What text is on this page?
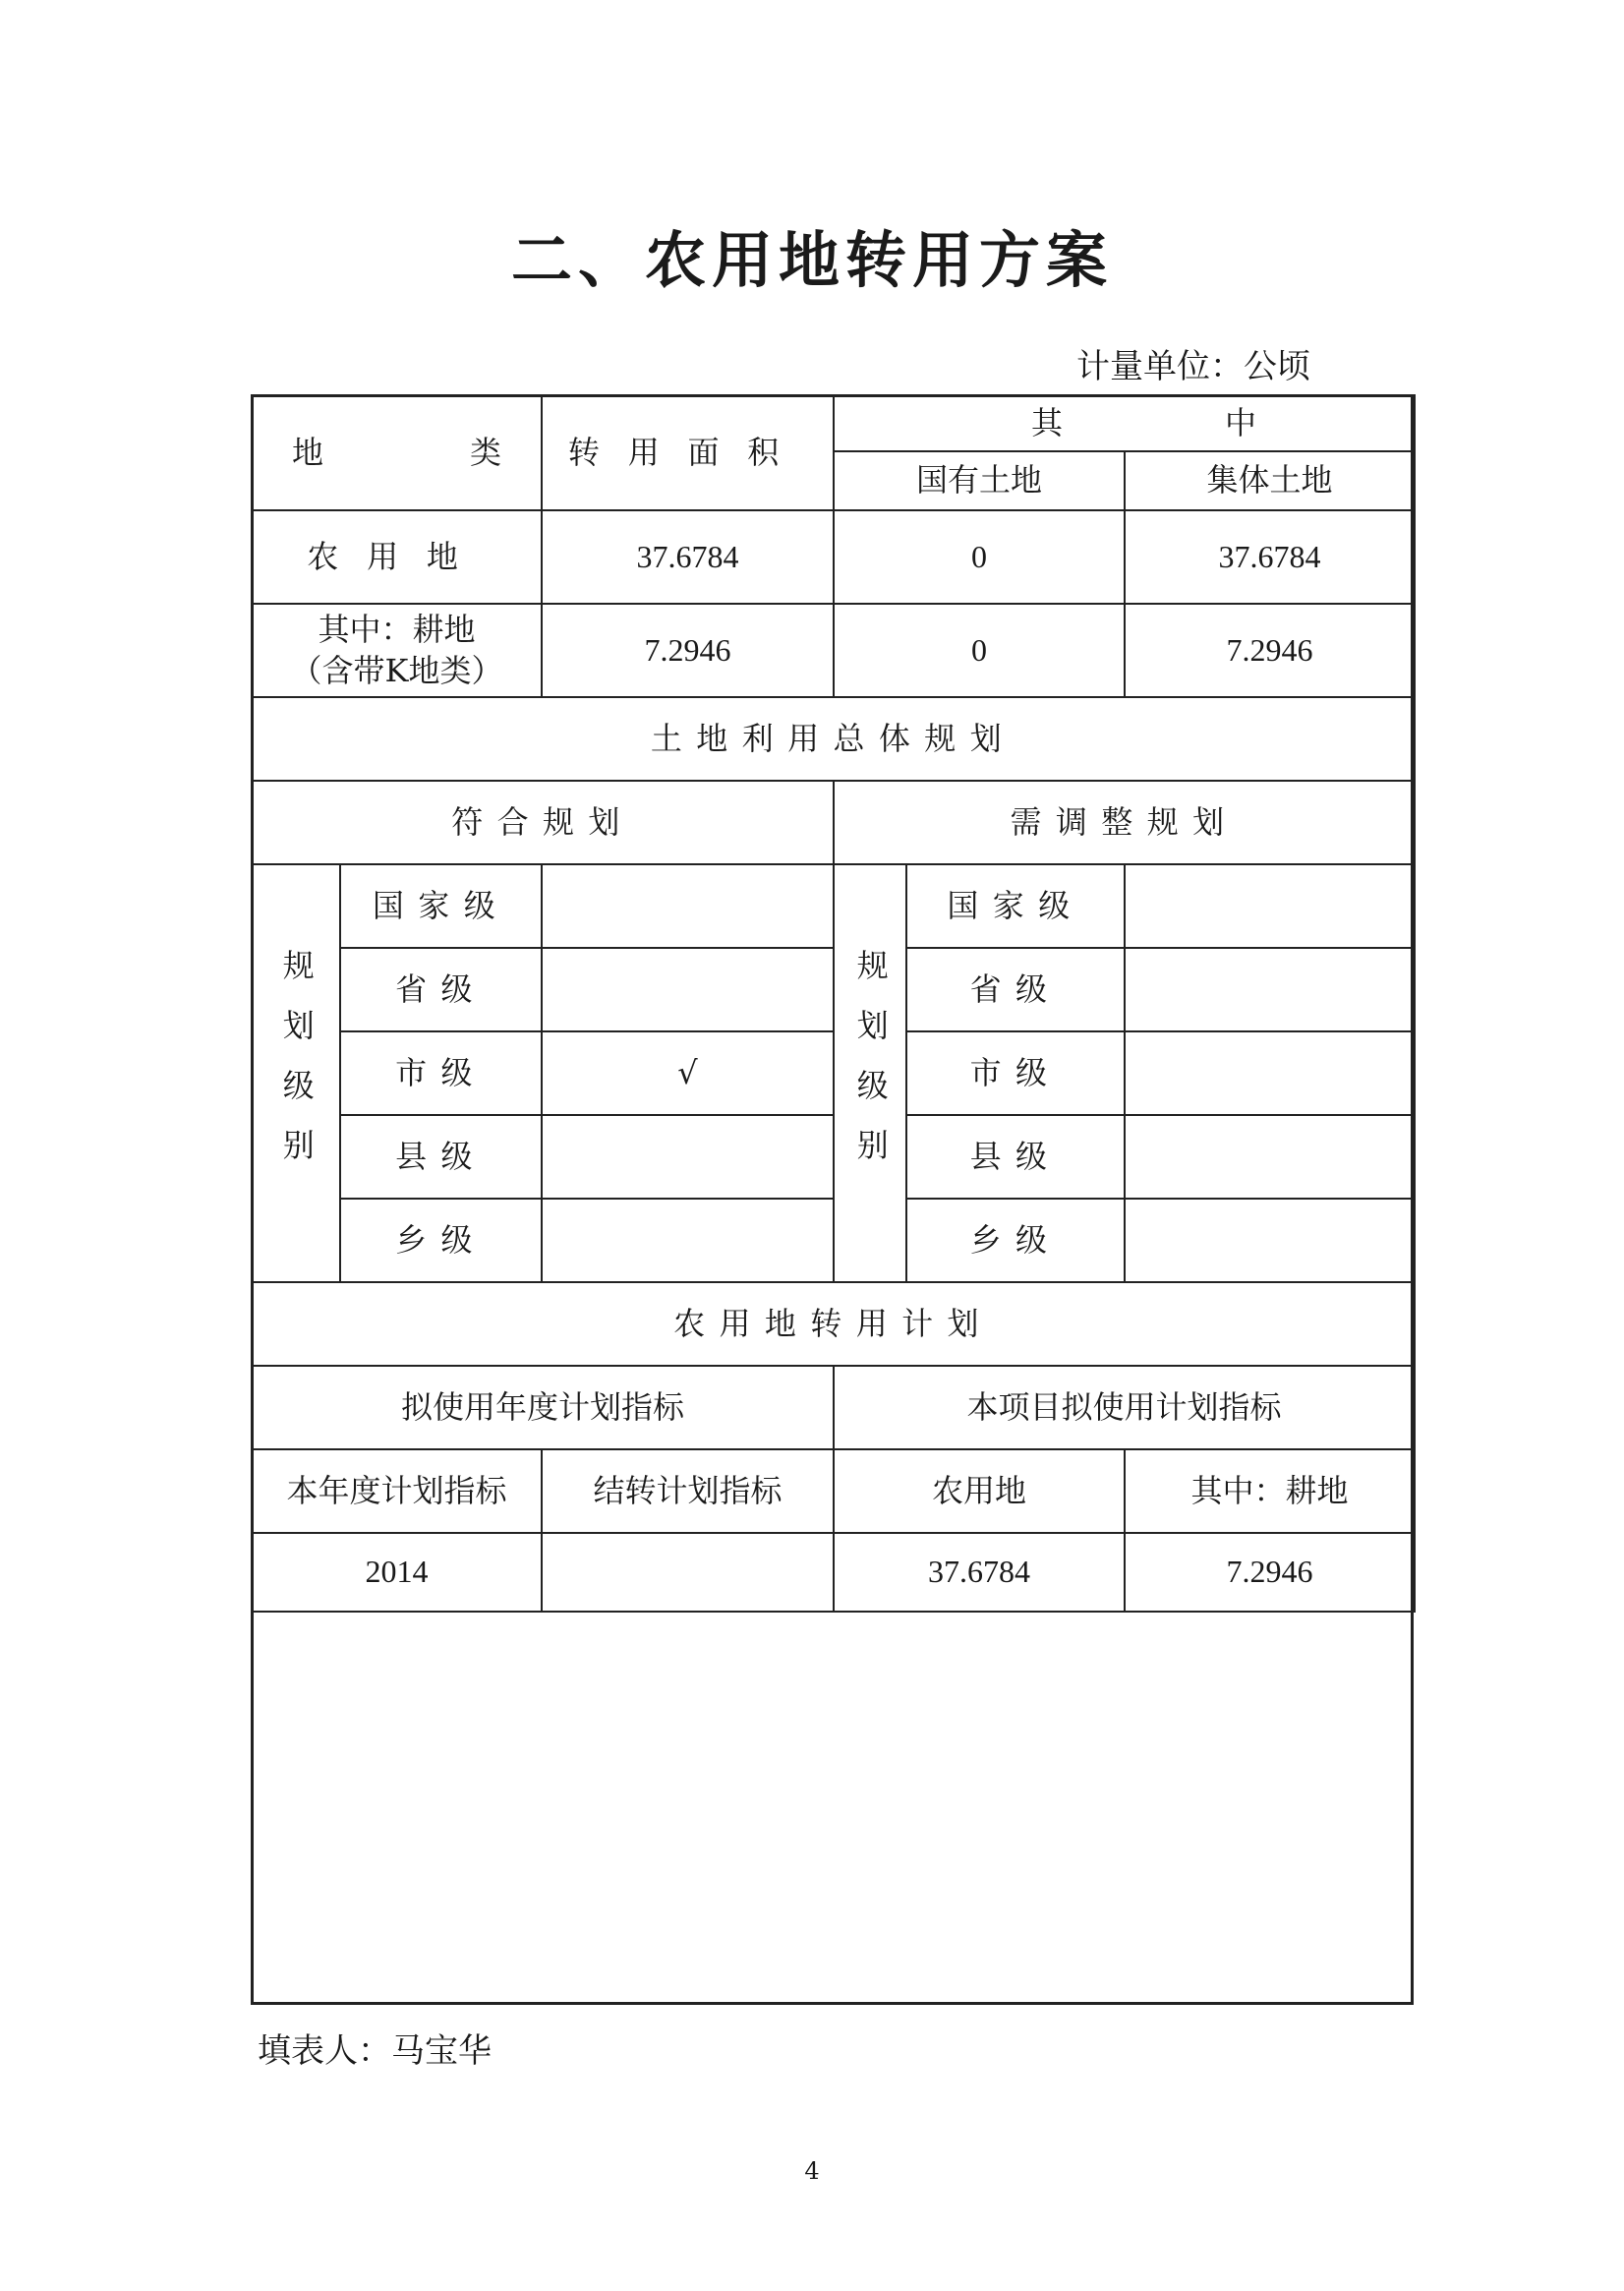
二、农用地转用方案
计量单位：公顷
地 类		转用面积	其 中		

			国有土地		集体土地
农用地		37.6784	0		37.6784

其中：耕地
（含带K地类）		7.2946	0		7.2946
土地利用总体规划					
符合规划			需调整规划		
规划级别	国家级		规划级别	国家级	
	省级			省级	
	市级	√		市级	
	县级			县级	
	乡级			乡级	
农用地转用计划					
拟使用年度计划指标			本项目拟使用计划指标		
本年度计划指标		结转计划指标	农用地		其中：耕地
2014			37.6784		7.2946
填表人：马宝华
4
